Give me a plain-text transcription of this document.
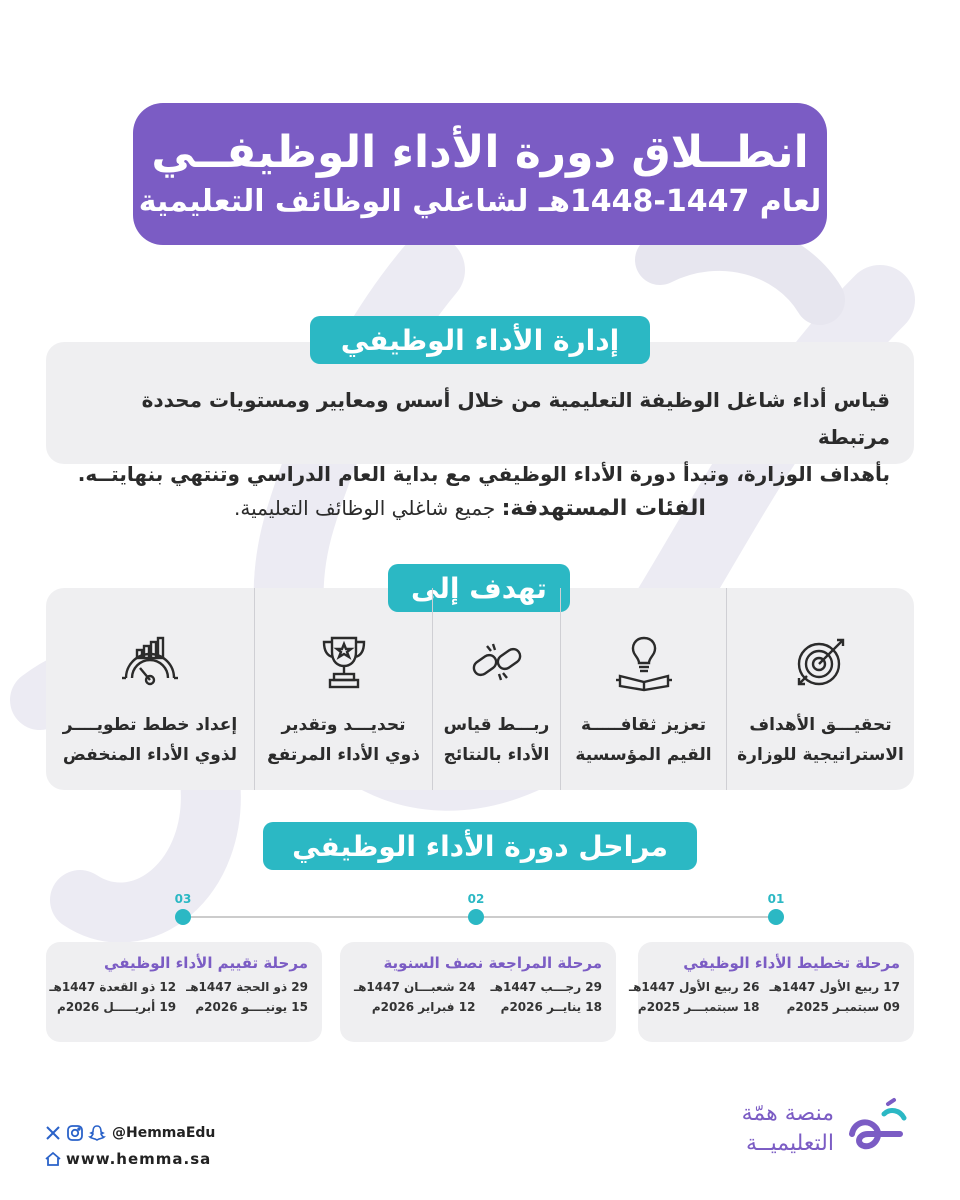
انطــلاق دورة الأداء الوظيفــي
لعام 1447-1448هـ لشاغلي الوظائف التعليمية
إدارة الأداء الوظيفي
قياس أداء شاغل الوظيفة التعليمية من خلال أسس ومعايير ومستويات محددة مرتبطة
بأهداف الوزارة، وتبدأ دورة الأداء الوظيفي مع بداية العام الدراسي وتنتهي بنهايتــه.
الفئات المستهدفة: جميع شاغلي الوظائف التعليمية.
تهدف إلى
تحقيـــق الأهداف
الاستراتيجية للوزارة
تعزيز ثقافـــــة
القيم المؤسسية
ربـــط قياس
الأداء بالنتائج
تحديـــد وتقدير
ذوي الأداء المرتفع
إعداد خطط تطويــــر
لذوي الأداء المنخفض
مراحل دورة الأداء الوظيفي
01
02
03
مرحلة تخطيط الأداء الوظيفي
17 ربيع الأول 1447هـ
26 ربيع الأول 1447هـ
09 سبتمبـر 2025م
18 سبتمبـــر 2025م
مرحلة المراجعة نصف السنوية
29 رجـــب 1447هـ
24 شعبـــان 1447هـ
18 ينايــر 2026م
12 فبراير 2026م
مرحلة تقييم الأداء الوظيفي
29 ذو الحجة 1447هـ
12 ذو القعدة 1447هـ
15 يونيــــو 2026م
19 أبريـــــل 2026م
@HemmaEdu
www.hemma.sa
منصة همّة
التعليميــة
